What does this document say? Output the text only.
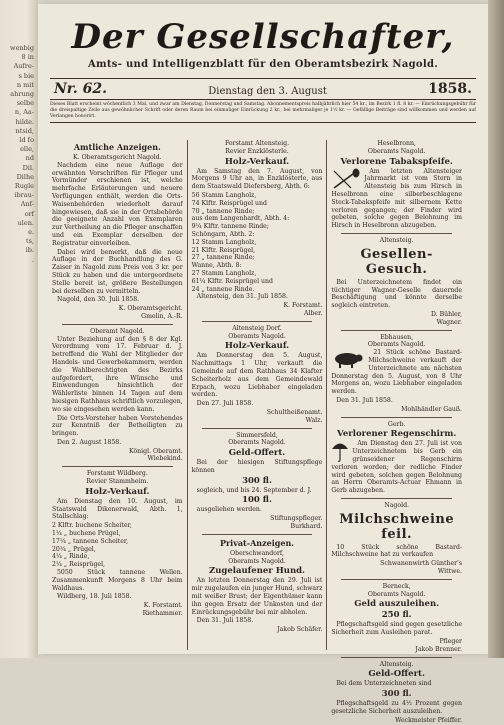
wenbig
8 in
Aufre-
s bie
n mit
ahrung
selbe
n, Aa-
hilde.
ntsid,
ld fo
elle,
nd
Dil.
Dilhe
Rugle
ibrau-
Anf-
orf
ulen.
e.
ts,
ib.
.
Der Gesellschafter,
Amts- und Intelligenzblatt für den Oberamtsbezirk Nagold.
Nr. 62.	Dienstag den 3. August	1858.
Dieses Blatt erscheint wöchentlich 3 Mal, und zwar am Dienstag, Donnerstag und Samstag. Abonnementspreis halbjährlich hier 54 kr., im Bezirk 1 fl. 8 kr. — Einrückungsgebühr für die dreispaltige Zeile aus gewöhnlicher Schrift oder deren Raum bei einmaliger Einrückung 2 kr., bei mehrmaliger je 1½ kr. — Gefällige Beiträge sind willkommen und werden auf Verlangen honorirt.
Amtliche Anzeigen.
K. Oberamtsgericht Nagold.
Nachdem eine neue Auflage der erwähnten Vorschriften für Pfleger und Vormünder erschienen ist, welche mehrfache Erläuterungen und neuere Verfügungen enthält, werden die Orts-Waisenbehörden wiederholt darauf hingewiesen, daß sie in der Ortsbehörde die geeignete Anzahl von Exemplaren zur Vertheilung an die Pfleger anschaffen und ein Exemplar derselben der Registratur einverleiben.
Dabei wird bemerkt, daß die neue Auflage in der Buchhandlung des G. Zaiser in Nagold zum Preis von 3 kr. per Stück zu haben und die untergeordnete Stelle bereit ist, größere Bestellungen bei derselben zu vermitteln.
Nagold, den 30. Juli 1858.
K. Oberamtsgericht.
Gmelin, A.-R.
Oberamt Nagold.
Unter Beziehung auf den § 8 der Kgl. Verordnung vom 17. Februar d. J. betreffend die Wahl der Mitglieder der Handels- und Gewerbekammern, werden die Wahlberechtigten des Bezirks aufgefordert, ihre Wünsche und Einwendungen hinsichtlich der Wählerliste binnen 14 Tagen auf dem hiesigen Rathhaus schriftlich vorzulegen, wo sie eingesehen werden kann.
Die Orts-Vorsteher haben Vorstehendes zur Kenntniß der Betheiligten zu bringen.
Den 2. August 1858.
Königl. Oberamt.
Wiebekind.
Forstamt Wildberg.
Revier Stammheim.
Holz-Verkauf.
Am Dienstag den 10. August, im Staatswald Dikenerwald, Abth. 1, Stallschlag:
2 Klftr. buchene Scheiter,
1¼ „ buchene Prügel,
17¼ „ tannene Scheiter,
20¼ „ Prügel,
4¼ „ Rinde,
2¼ „ Reisprügel,
5050 Stück tannene Wellen. Zusammenkunft Morgens 8 Uhr beim Waldhaus.
Wildberg, 18. Juli 1858.
K. Forstamt.
Riethammer.
Forstamt Altensteig.
Revier Enzklösterle.
Holz-Verkauf.
Am Samstag den 7. August, von Morgens 9 Uhr an, in Enzklösterle, aus dem Staatswald Diefersberg, Abth. 6:
56 Stamm Langholz,
74 Klftr. Reisprügel und
70 „ tannene Rinde;
aus dem Langenhardt, Abth. 4:
9¼ Klftr. tannene Rinde;
Schöngarn, Abth. 2:
12 Stamm Langholz,
21 Klftr. Reisprügel,
27 „ tannene Rinde;
Wanne, Abth. 8:
27 Stamm Langholz,
61¼ Klftr. Reisprügel und
24 „ tannene Rinde.
Altensteig, den 31. Juli 1858.
K. Forstamt.
Alber.
Altensteig Dorf.
Oberamts Nagold.
Holz-Verkauf.
Am Donnerstag den 5. August, Nachmittags 1 Uhr, verkauft die Gemeinde auf dem Rathhaus 34 Klafter Scheiterholz aus dem Gemeindewald Erpach, wozu Liebhaber eingeladen werden.
Den 27. Juli 1858.
Schultheißenamt.
Walz.
Simmersfeld,
Oberamts Nagold.
Geld-Offert.
Bei der hiesigen Stiftungspflege können
300 fl.
sogleich, und bis 24. September d. J.
100 fl.
ausgeliehen werden.
Stiftungspfleger.
Burkhard.
Privat-Anzeigen.
Oberschwandorf,
Oberamts Nagold.
Zugelaufener Hund.
An letzten Donnerstag den 29. Juli ist mir zugelaufen ein junger Hund, schwarz mit weißer Brust; der Eigenthümer kann ihn gegen Ersatz der Unkosten und der Einrückungsgebühr bei mir abholen.
Den 31. Juli 1858.
Jakob Schäfer.
Heselbronn,
Oberamts Nagold.
Verlorene Tabakspfeife.
Am letzten Altensteiger Jahrmarkt ist vom Stern in Altensteig bis zum Hirsch in Heselbronn eine silberbeschlagene Steck-Tabakspfeife mit silbernem Kette verloren gegangen; der Finder wird gebeten, solche gegen Belohnung im Hirsch in Heselbronn abzugeben.
Altensteig.
Gesellen-Gesuch.
Bei Unterzeichnetem findet ein tüchtiger Wagner-Geselle dauernde Beschäftigung und könnte derselbe sogleich eintreten.
D. Bühler,
Wagner.
Ebhausen,
Oberamts Nagold.
21 Stück schöne Bastard-Milchschweine verkauft der Unterzeichnete am nächsten Donnerstag den 5. August, von 8 Uhr Morgens an, wozu Liebhaber eingeladen werden.
Den 31. Juli 1858.
Mohlhändler Gauß.
Gerb.
Verlorener Regenschirm.
Am Dienstag den 27. Juli ist von Unterzeichnetem bis Gerb ein grünseidener Regenschirm verloren worden; der redliche Finder wird gebeten, solchen gegen Belohnung an Herrn Oberamts-Actuar Ehmann in Gerb abzugeben.
Nagold.
Milchschweine feil.
10 Stück schöne Bastard-Milchschweine hat zu verkaufen
Schwanenwirth Günther's
Wittwe.
Berneck,
Oberamts Nagold.
Geld auszuleihen.
250 fl.
Pflegschaftsgeld sind gegen gesetzliche Sicherheit zum Ausleihen parat.
Pfleger
Jakob Brenner.
Altensteig.
Geld-Offert.
Bei dem Unterzeichneten sind
300 fl.
Pflegschaftsgeld zu 4½ Prozent gegen gesetzliche Sicherheit auszuleihen.
Weckmeister Pfeiffer.
